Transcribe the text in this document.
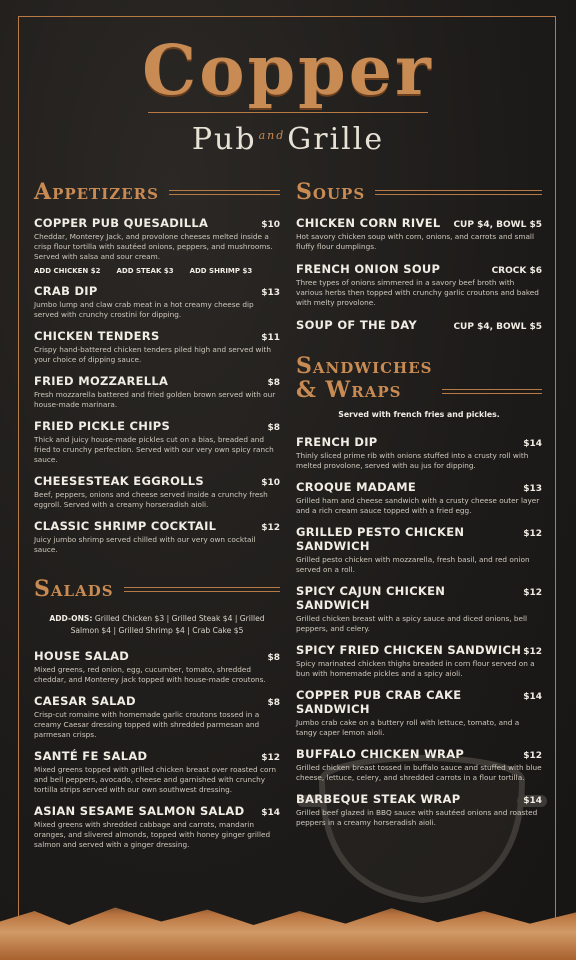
Copper
Pub $^{and}$Grille
Appetizers
COPPER PUB QUESADILLA	$10
Cheddar, Monterey Jack, and provolone cheeses melted inside a crisp flour tortilla with sautéed onions, peppers, and mushrooms. Served with salsa and sour cream.
ADD CHICKEN $2 ADD STEAK $3 ADD SHRIMP $3
CRAB DIP	$13
Jumbo lump and claw crab meat in a hot creamy cheese dip served with crunchy crostini for dipping.
CHICKEN TENDERS	$11
Crispy hand-battered chicken tenders piled high and served with your choice of dipping sauce.
FRIED MOZZARELLA	$8
Fresh mozzarella battered and fried golden brown served with our house-made marinara.
FRIED PICKLE CHIPS	$8
Thick and juicy house-made pickles cut on a bias, breaded and fried to crunchy perfection. Served with our very own spicy ranch sauce.
CHEESESTEAK EGGROLLS	$10
Beef, peppers, onions and cheese served inside a crunchy fresh eggroll. Served with a creamy horseradish aioli.
CLASSIC SHRIMP COCKTAIL	$12
Juicy jumbo shrimp served chilled with our very own cocktail sauce.
Salads
ADD-ONS: Grilled Chicken $3 | Grilled Steak $4 | Grilled Salmon $4 | Grilled Shrimp $4 | Crab Cake $5
HOUSE SALAD	$8
Mixed greens, red onion, egg, cucumber, tomato, shredded cheddar, and Monterey jack topped with house-made croutons.
CAESAR SALAD	$8
Crisp-cut romaine with homemade garlic croutons tossed in a creamy Caesar dressing topped with shredded parmesan and parmesan crisps.
SANTÉ FE SALAD	$12
Mixed greens topped with grilled chicken breast over roasted corn and bell peppers, avocado, cheese and garnished with crunchy tortilla strips served with our own southwest dressing.
ASIAN SESAME SALMON SALAD $14
Mixed greens with shredded cabbage and carrots, mandarin oranges, and slivered almonds, topped with honey ginger grilled salmon and served with a ginger dressing.
Soups
CHICKEN CORN RIVEL CUP $4, BOWL $5
Hot savory chicken soup with corn, onions, and carrots and small fluffy flour dumplings.
FRENCH ONION SOUP	CROCK $6
Three types of onions simmered in a savory beef broth with various herbs then topped with crunchy garlic croutons and baked with melty provolone.
SOUP OF THE DAY	CUP $4, BOWL $5
Sandwiches
& Wraps
Served with french fries and pickles.
FRENCH DIP	$14
Thinly sliced prime rib with onions stuffed into a crusty roll with melted provolone, served with au jus for dipping.
CROQUE MADAME	$13
Grilled ham and cheese sandwich with a crusty cheese outer layer and a rich cream sauce topped with a fried egg.
GRILLED PESTO CHICKEN SANDWICH
$12
Grilled pesto chicken with mozzarella, fresh basil, and red onion served on a roll.
SPICY CAJUN CHICKEN SANDWICH
$12
Grilled chicken breast with a spicy sauce and diced onions, bell peppers, and celery.
SPICY FRIED CHICKEN SANDWICH $12
Spicy marinated chicken thighs breaded in corn flour served on a bun with homemade pickles and a spicy aioli.
COPPER PUB CRAB CAKE SANDWICH
$14
Jumbo crab cake on a buttery roll with lettuce, tomato, and a tangy caper lemon aioli.
BUFFALO CHICKEN WRAP	$12
Grilled chicken breast tossed in buffalo sauce and stuffed with blue cheese, lettuce, celery, and shredded carrots in a flour tortilla.
BARBEQUE STEAK WRAP	$14
Grilled beef glazed in BBQ sauce with sautéed onions and roasted peppers in a creamy horseradish aioli.
